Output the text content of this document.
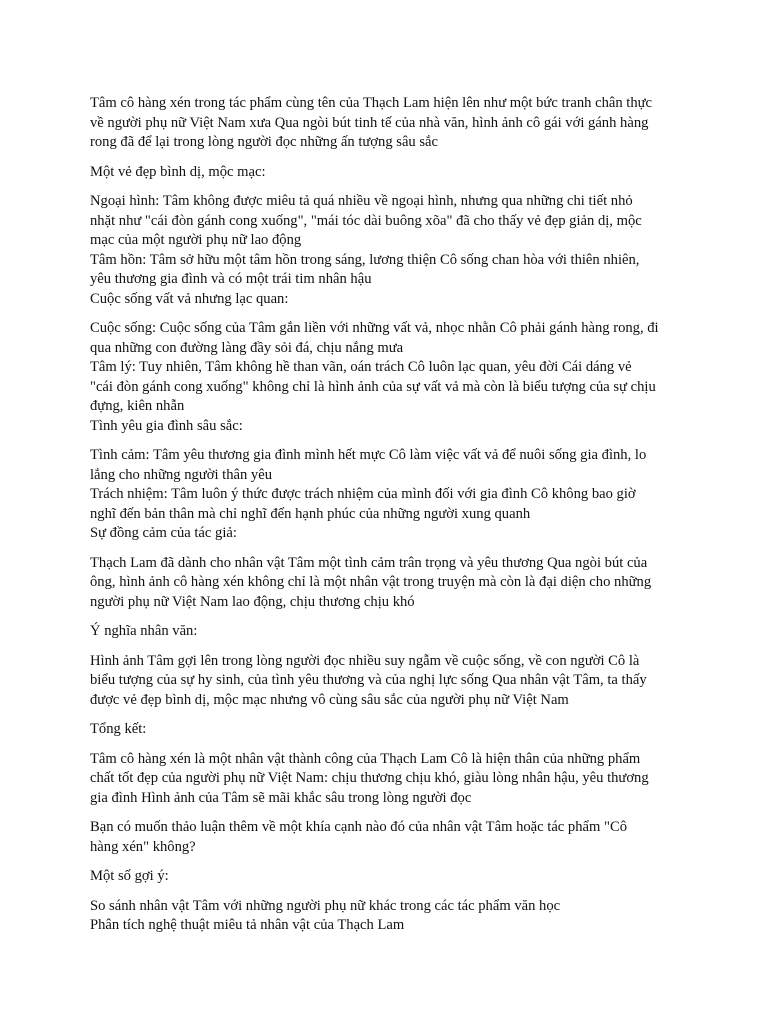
Tâm cô hàng xén trong tác phẩm cùng tên của Thạch Lam hiện lên như một bức tranh chân thực
về người phụ nữ Việt Nam xưa Qua ngòi bút tinh tế của nhà văn, hình ảnh cô gái với gánh hàng
rong đã để lại trong lòng người đọc những ấn tượng sâu sắc

Một vẻ đẹp bình dị, mộc mạc:

Ngoại hình: Tâm không được miêu tả quá nhiều về ngoại hình, nhưng qua những chi tiết nhỏ
nhặt như "cái đòn gánh cong xuống", "mái tóc dài buông xõa" đã cho thấy vẻ đẹp giản dị, mộc
mạc của một người phụ nữ lao động
Tâm hồn: Tâm sở hữu một tâm hồn trong sáng, lương thiện Cô sống chan hòa với thiên nhiên,
yêu thương gia đình và có một trái tim nhân hậu
Cuộc sống vất vả nhưng lạc quan:

Cuộc sống: Cuộc sống của Tâm gắn liền với những vất vả, nhọc nhằn Cô phải gánh hàng rong, đi
qua những con đường làng đầy sỏi đá, chịu nắng mưa
Tâm lý: Tuy nhiên, Tâm không hề than vãn, oán trách Cô luôn lạc quan, yêu đời Cái dáng vẻ
"cái đòn gánh cong xuống" không chỉ là hình ảnh của sự vất vả mà còn là biểu tượng của sự chịu
đựng, kiên nhẫn
Tình yêu gia đình sâu sắc:

Tình cảm: Tâm yêu thương gia đình mình hết mực Cô làm việc vất vả để nuôi sống gia đình, lo
lắng cho những người thân yêu
Trách nhiệm: Tâm luôn ý thức được trách nhiệm của mình đối với gia đình Cô không bao giờ
nghĩ đến bản thân mà chỉ nghĩ đến hạnh phúc của những người xung quanh
Sự đồng cảm của tác giả:

Thạch Lam đã dành cho nhân vật Tâm một tình cảm trân trọng và yêu thương Qua ngòi bút của
ông, hình ảnh cô hàng xén không chỉ là một nhân vật trong truyện mà còn là đại diện cho những
người phụ nữ Việt Nam lao động, chịu thương chịu khó

Ý nghĩa nhân văn:

Hình ảnh Tâm gợi lên trong lòng người đọc nhiều suy ngẫm về cuộc sống, về con người Cô là
biểu tượng của sự hy sinh, của tình yêu thương và của nghị lực sống Qua nhân vật Tâm, ta thấy
được vẻ đẹp bình dị, mộc mạc nhưng vô cùng sâu sắc của người phụ nữ Việt Nam

Tổng kết:

Tâm cô hàng xén là một nhân vật thành công của Thạch Lam Cô là hiện thân của những phẩm
chất tốt đẹp của người phụ nữ Việt Nam: chịu thương chịu khó, giàu lòng nhân hậu, yêu thương
gia đình Hình ảnh của Tâm sẽ mãi khắc sâu trong lòng người đọc

Bạn có muốn thảo luận thêm về một khía cạnh nào đó của nhân vật Tâm hoặc tác phẩm "Cô
hàng xén" không?

Một số gợi ý:

So sánh nhân vật Tâm với những người phụ nữ khác trong các tác phẩm văn học
Phân tích nghệ thuật miêu tả nhân vật của Thạch Lam
